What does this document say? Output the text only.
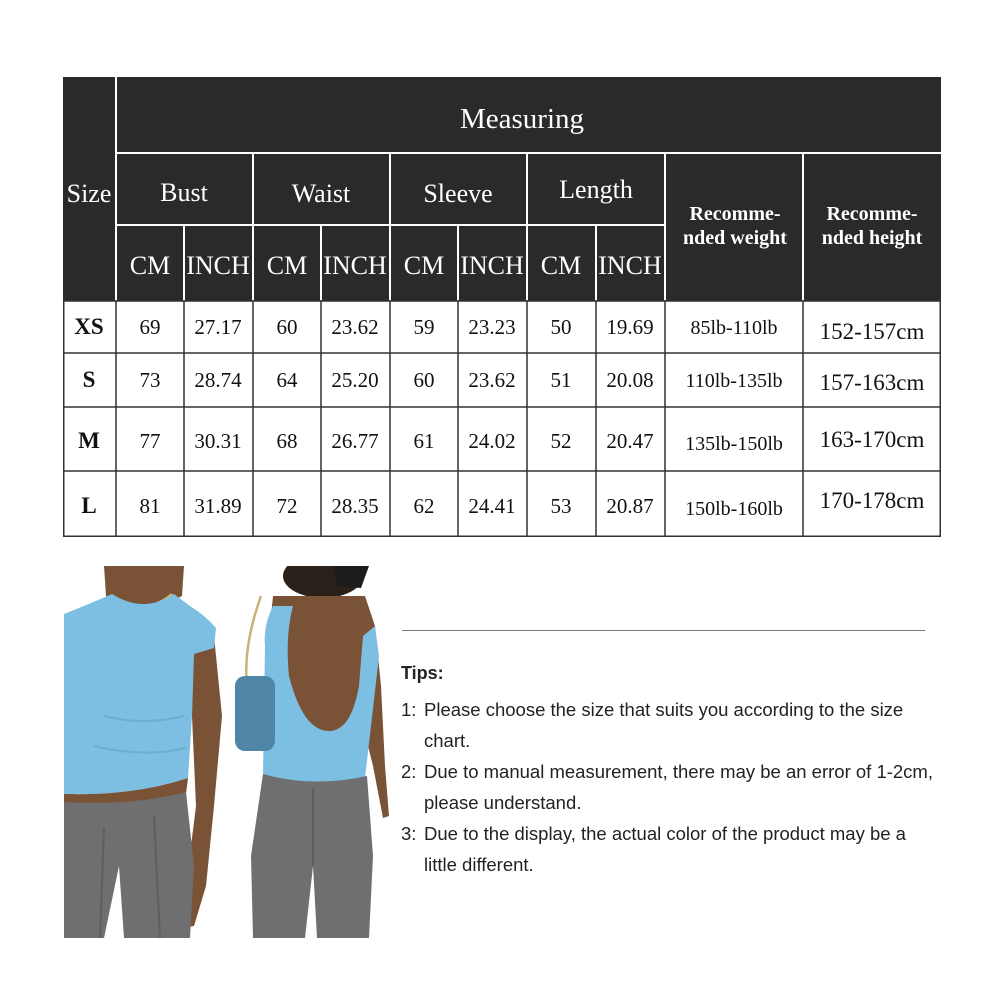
Size
Measuring
Bust	Waist	Sleeve	Length
CM INCH CM INCH CM INCH CM INCH
Recomme-
nded weight
Recomme-
nded height
XS 69 27.17 60 23.62 59 23.23 50 19.69 85lb-110lb 152-157cm
S 73 28.74 64 25.20 60 23.62 51 20.08 110lb-135lb 157-163cm
M 77 30.31 68 26.77 61 24.02 52 20.47 135lb-150lb 163-170cm
L 81 31.89 72 28.35 62 24.41 53 20.87 150lb-160lb 170-178cm
Tips:
1: Please choose the size that suits you according to the size chart.
2: Due to manual measurement, there may be an error of 1-2cm, please understand.
3: Due to the display, the actual color of the product may be a little different.
